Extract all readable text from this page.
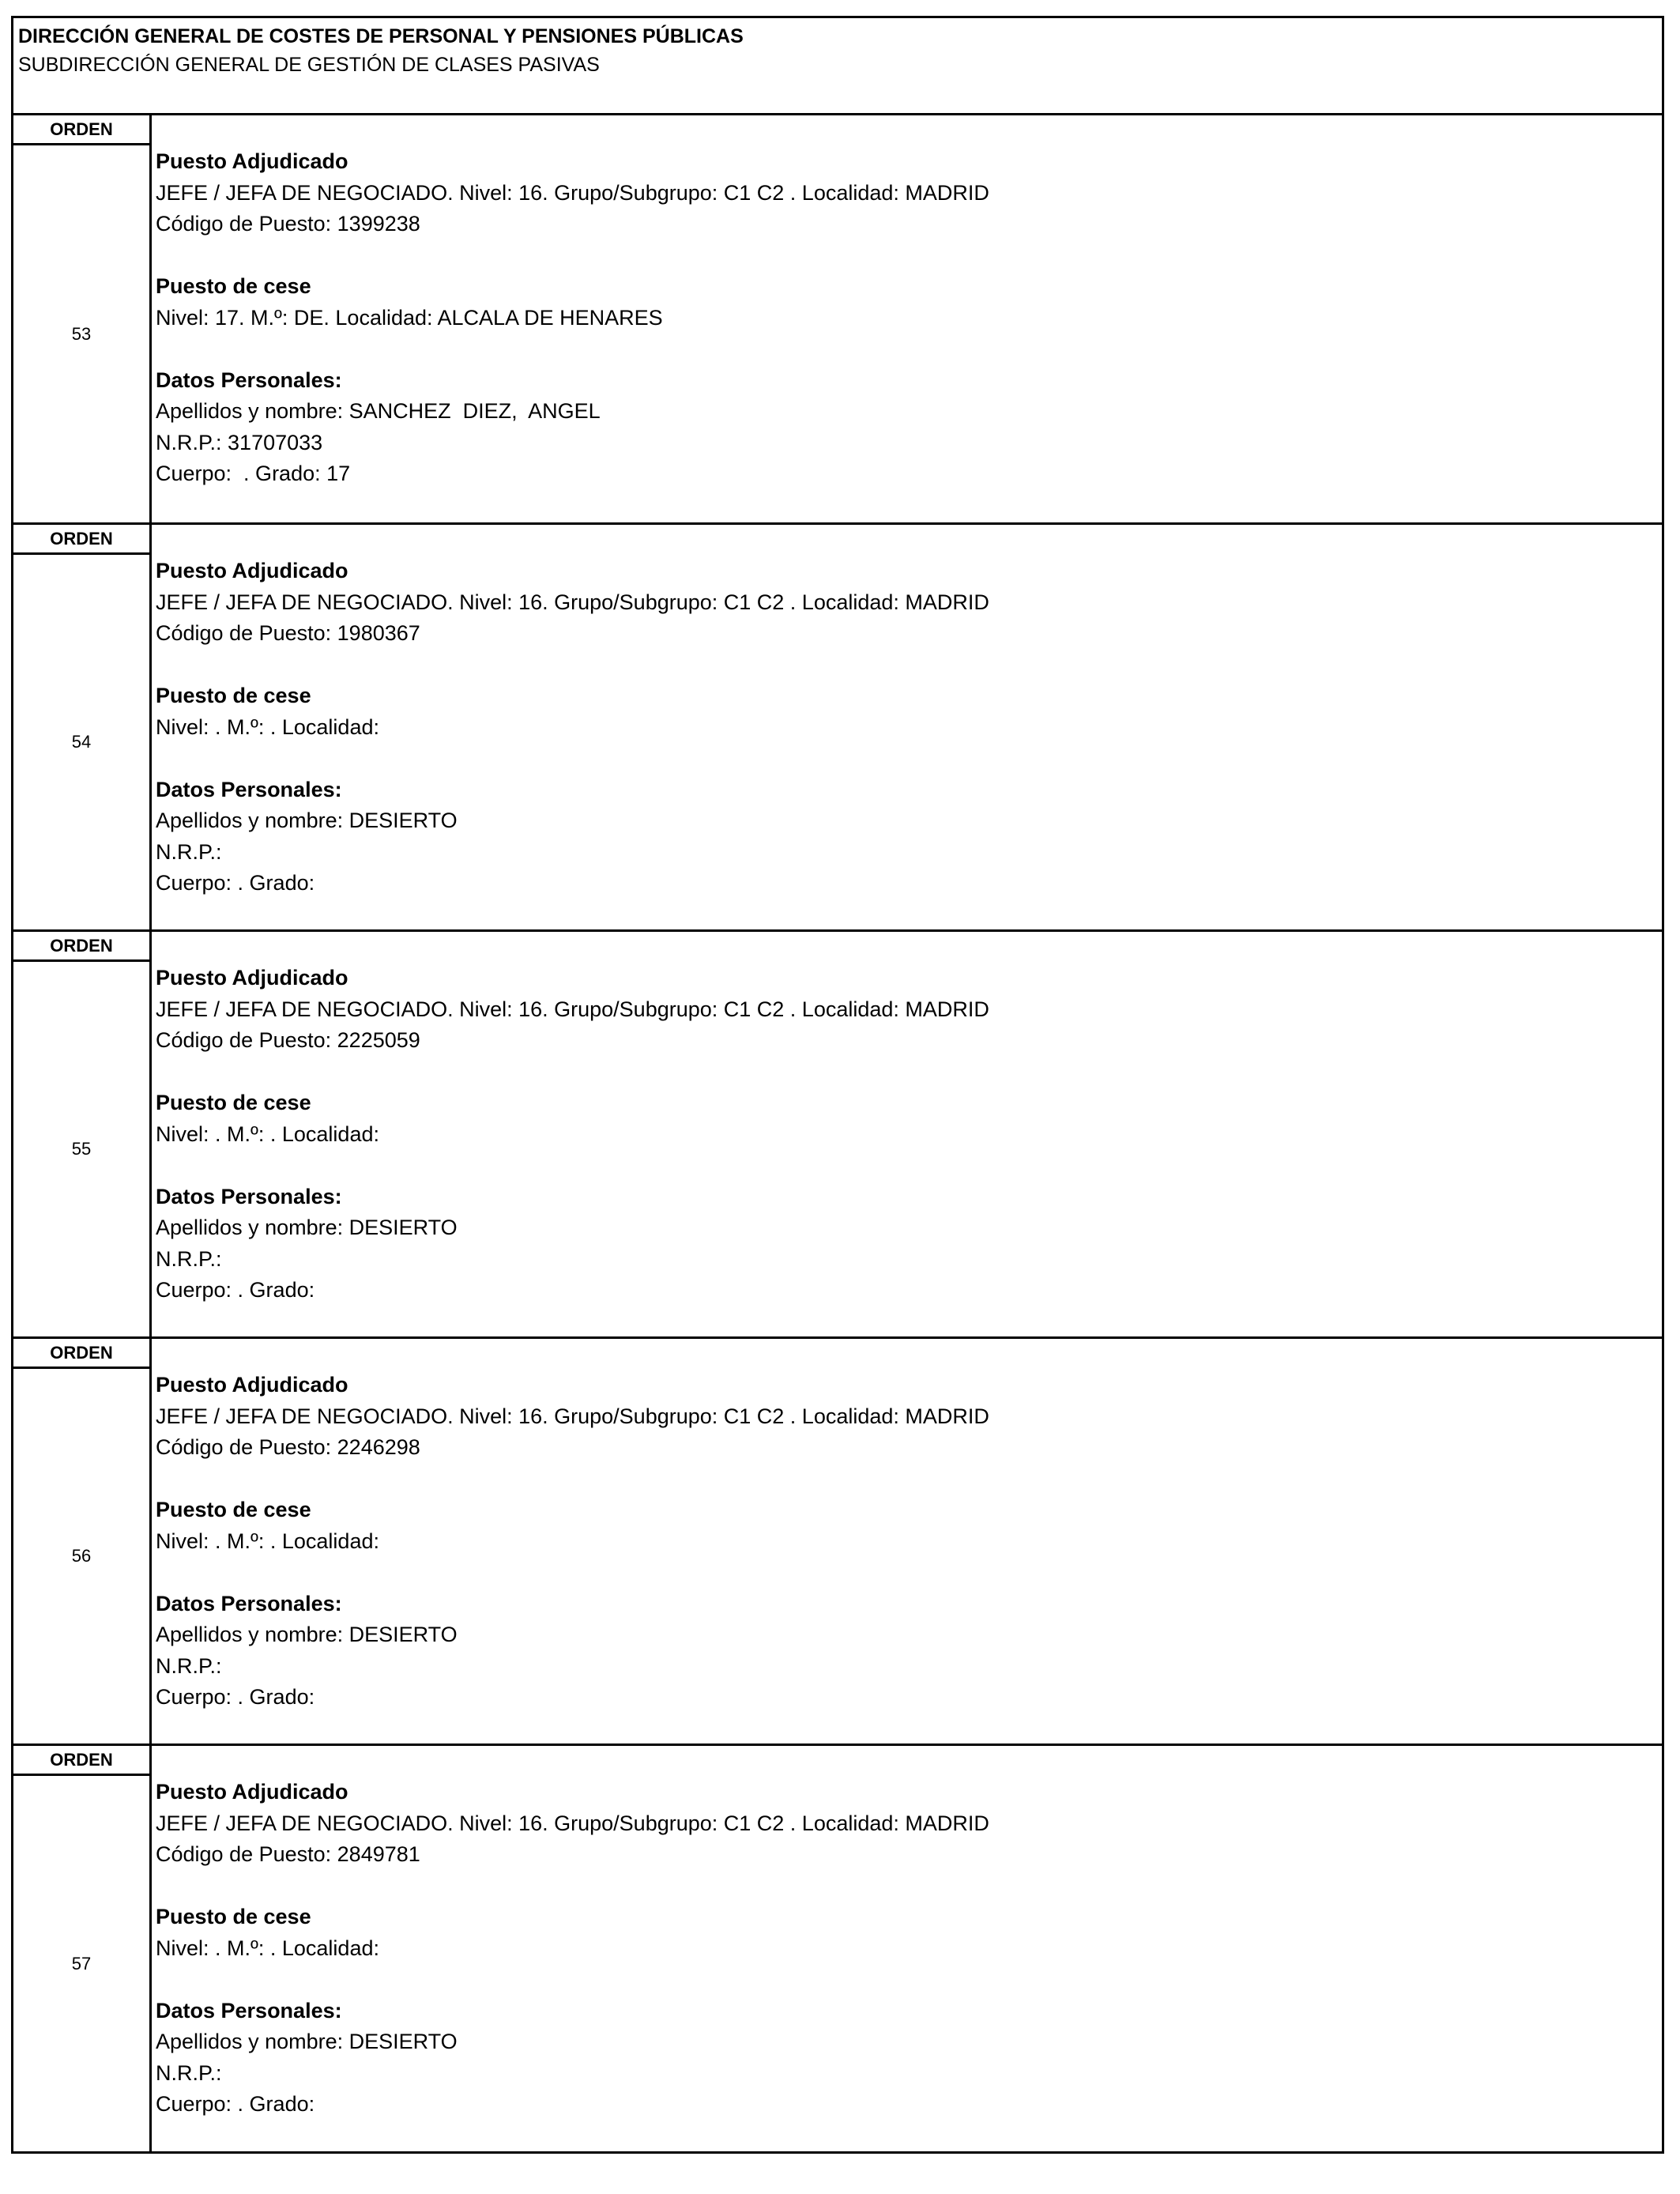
DIRECCIÓN GENERAL DE COSTES DE PERSONAL Y PENSIONES PÚBLICAS
SUBDIRECCIÓN GENERAL DE GESTIÓN DE CLASES PASIVAS
ORDEN
53
Puesto Adjudicado
JEFE / JEFA DE NEGOCIADO. Nivel: 16. Grupo/Subgrupo: C1 C2 . Localidad: MADRID
Código de Puesto: 1399238
Puesto de cese
Nivel: 17. M.º: DE. Localidad: ALCALA DE HENARES
Datos Personales:
Apellidos y nombre: SANCHEZ  DIEZ,  ANGEL
N.R.P.: 31707033
Cuerpo:  . Grado: 17
ORDEN
54
Puesto Adjudicado
JEFE / JEFA DE NEGOCIADO. Nivel: 16. Grupo/Subgrupo: C1 C2 . Localidad: MADRID
Código de Puesto: 1980367
Puesto de cese
Nivel: . M.º: . Localidad:
Datos Personales:
Apellidos y nombre: DESIERTO
N.R.P.:
Cuerpo: . Grado:
ORDEN
55
Puesto Adjudicado
JEFE / JEFA DE NEGOCIADO. Nivel: 16. Grupo/Subgrupo: C1 C2 . Localidad: MADRID
Código de Puesto: 2225059
Puesto de cese
Nivel: . M.º: . Localidad:
Datos Personales:
Apellidos y nombre: DESIERTO
N.R.P.:
Cuerpo: . Grado:
ORDEN
56
Puesto Adjudicado
JEFE / JEFA DE NEGOCIADO. Nivel: 16. Grupo/Subgrupo: C1 C2 . Localidad: MADRID
Código de Puesto: 2246298
Puesto de cese
Nivel: . M.º: . Localidad:
Datos Personales:
Apellidos y nombre: DESIERTO
N.R.P.:
Cuerpo: . Grado:
ORDEN
57
Puesto Adjudicado
JEFE / JEFA DE NEGOCIADO. Nivel: 16. Grupo/Subgrupo: C1 C2 . Localidad: MADRID
Código de Puesto: 2849781
Puesto de cese
Nivel: . M.º: . Localidad:
Datos Personales:
Apellidos y nombre: DESIERTO
N.R.P.:
Cuerpo: . Grado:
